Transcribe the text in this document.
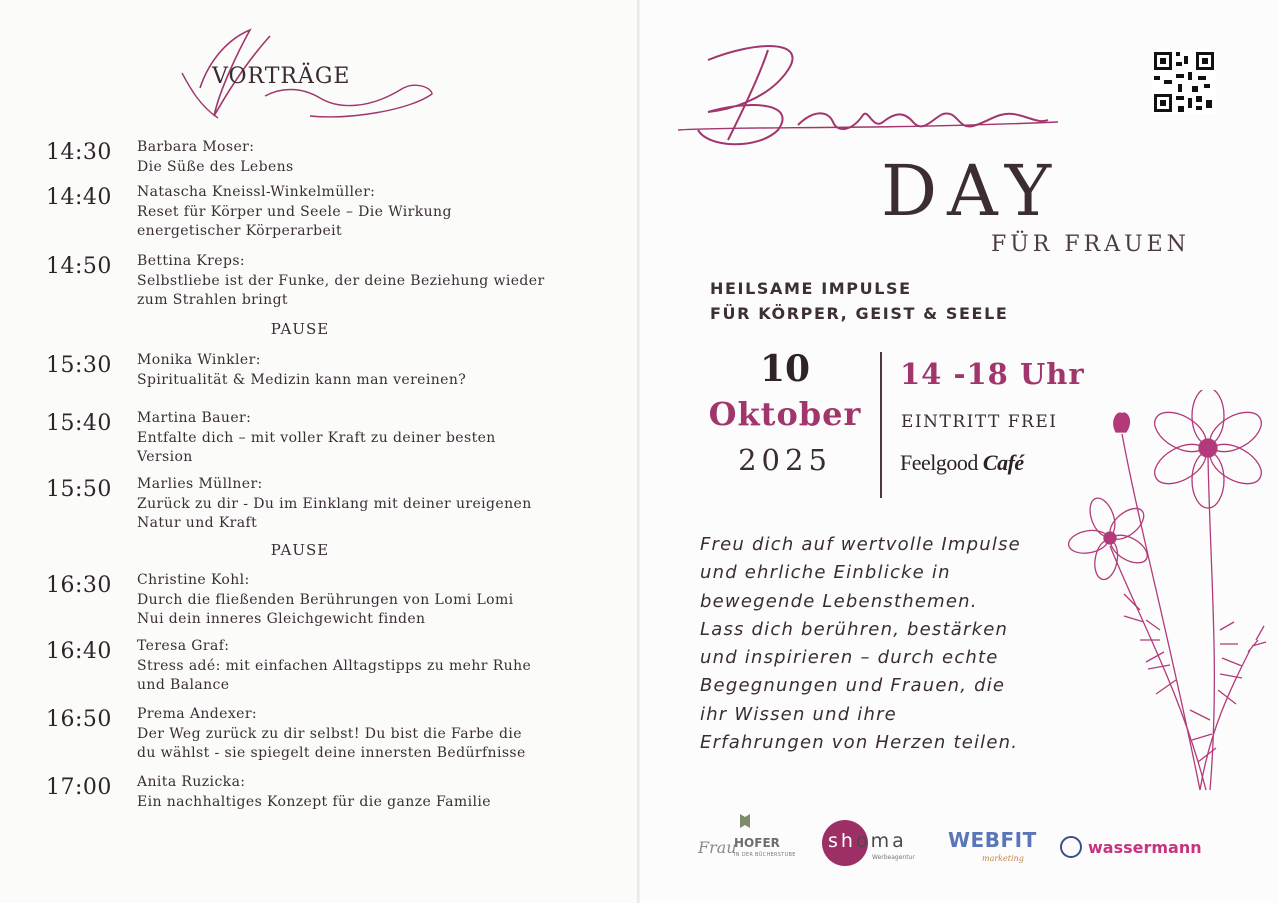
VORTRÄGE
14:30 Barbara Moser:
Die Süße des Lebens
14:40 Natascha Kneissl-Winkelmüller:
Reset für Körper und Seele – Die Wirkung
energetischer Körperarbeit
14:50 Bettina Kreps:
Selbstliebe ist der Funke, der deine Beziehung wieder
zum Strahlen bringt
15:30 Monika Winkler:
Spiritualität & Medizin kann man vereinen?
15:40 Martina Bauer:
Entfalte dich – mit voller Kraft zu deiner besten
Version
15:50 Marlies Müllner:
Zurück zu dir - Du im Einklang mit deiner ureigenen
Natur und Kraft
16:30 Christine Kohl:
Durch die fließenden Berührungen von Lomi Lomi
Nui dein inneres Gleichgewicht finden
16:40 Teresa Graf:
Stress adé: mit einfachen Alltagstipps zu mehr Ruhe
und Balance
16:50 Prema Andexer:
Der Weg zurück zu dir selbst! Du bist die Farbe die
du wählst - sie spiegelt deine innersten Bedürfnisse
17:00 Anita Ruzicka:
Ein nachhaltiges Konzept für die ganze Familie
PAUSE
PAUSE
DAY
FÜR FRAUEN
HEILSAME IMPULSE
FÜR KÖRPER, GEIST & SEELE
10
Oktober
2025
14 -18 Uhr
EINTRITT FREI
Feelgood Café
Freu dich auf wertvolle Impulse
und ehrliche Einblicke in
bewegende Lebensthemen.
Lass dich berühren, bestärken
und inspirieren – durch echte
Begegnungen und Frauen, die
ihr Wissen und ihre
Erfahrungen von Herzen teilen.
Frau
HOFER
IN DER BÜCHERSTUBE
shoma
Werbeagentur
WEBFIT
marketing
wassermann
